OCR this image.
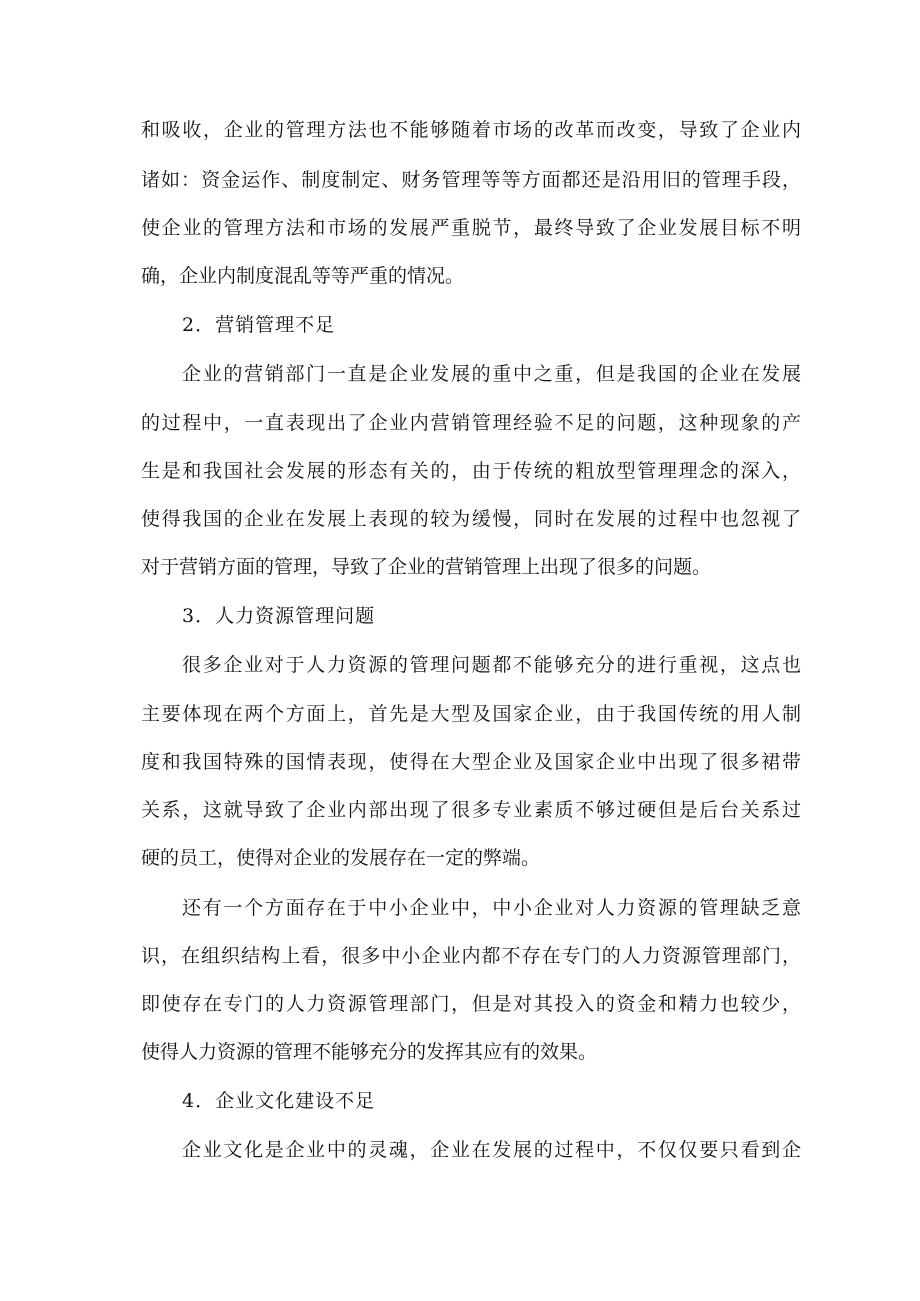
和吸收，企业的管理方法也不能够随着市场的改革而改变，导致了企业内
诸如：资金运作、制度制定、财务管理等等方面都还是沿用旧的管理手段，
使企业的管理方法和市场的发展严重脱节，最终导致了企业发展目标不明
确，企业内制度混乱等等严重的情况。
2．营销管理不足
企业的营销部门一直是企业发展的重中之重，但是我国的企业在发展
的过程中，一直表现出了企业内营销管理经验不足的问题，这种现象的产
生是和我国社会发展的形态有关的，由于传统的粗放型管理理念的深入，
使得我国的企业在发展上表现的较为缓慢，同时在发展的过程中也忽视了
对于营销方面的管理，导致了企业的营销管理上出现了很多的问题。
3．人力资源管理问题
很多企业对于人力资源的管理问题都不能够充分的进行重视，这点也
主要体现在两个方面上，首先是大型及国家企业，由于我国传统的用人制
度和我国特殊的国情表现，使得在大型企业及国家企业中出现了很多裙带
关系，这就导致了企业内部出现了很多专业素质不够过硬但是后台关系过
硬的员工，使得对企业的发展存在一定的弊端。
还有一个方面存在于中小企业中，中小企业对人力资源的管理缺乏意
识，在组织结构上看，很多中小企业内都不存在专门的人力资源管理部门，
即使存在专门的人力资源管理部门，但是对其投入的资金和精力也较少，
使得人力资源的管理不能够充分的发挥其应有的效果。
4．企业文化建设不足
企业文化是企业中的灵魂，企业在发展的过程中，不仅仅要只看到企
